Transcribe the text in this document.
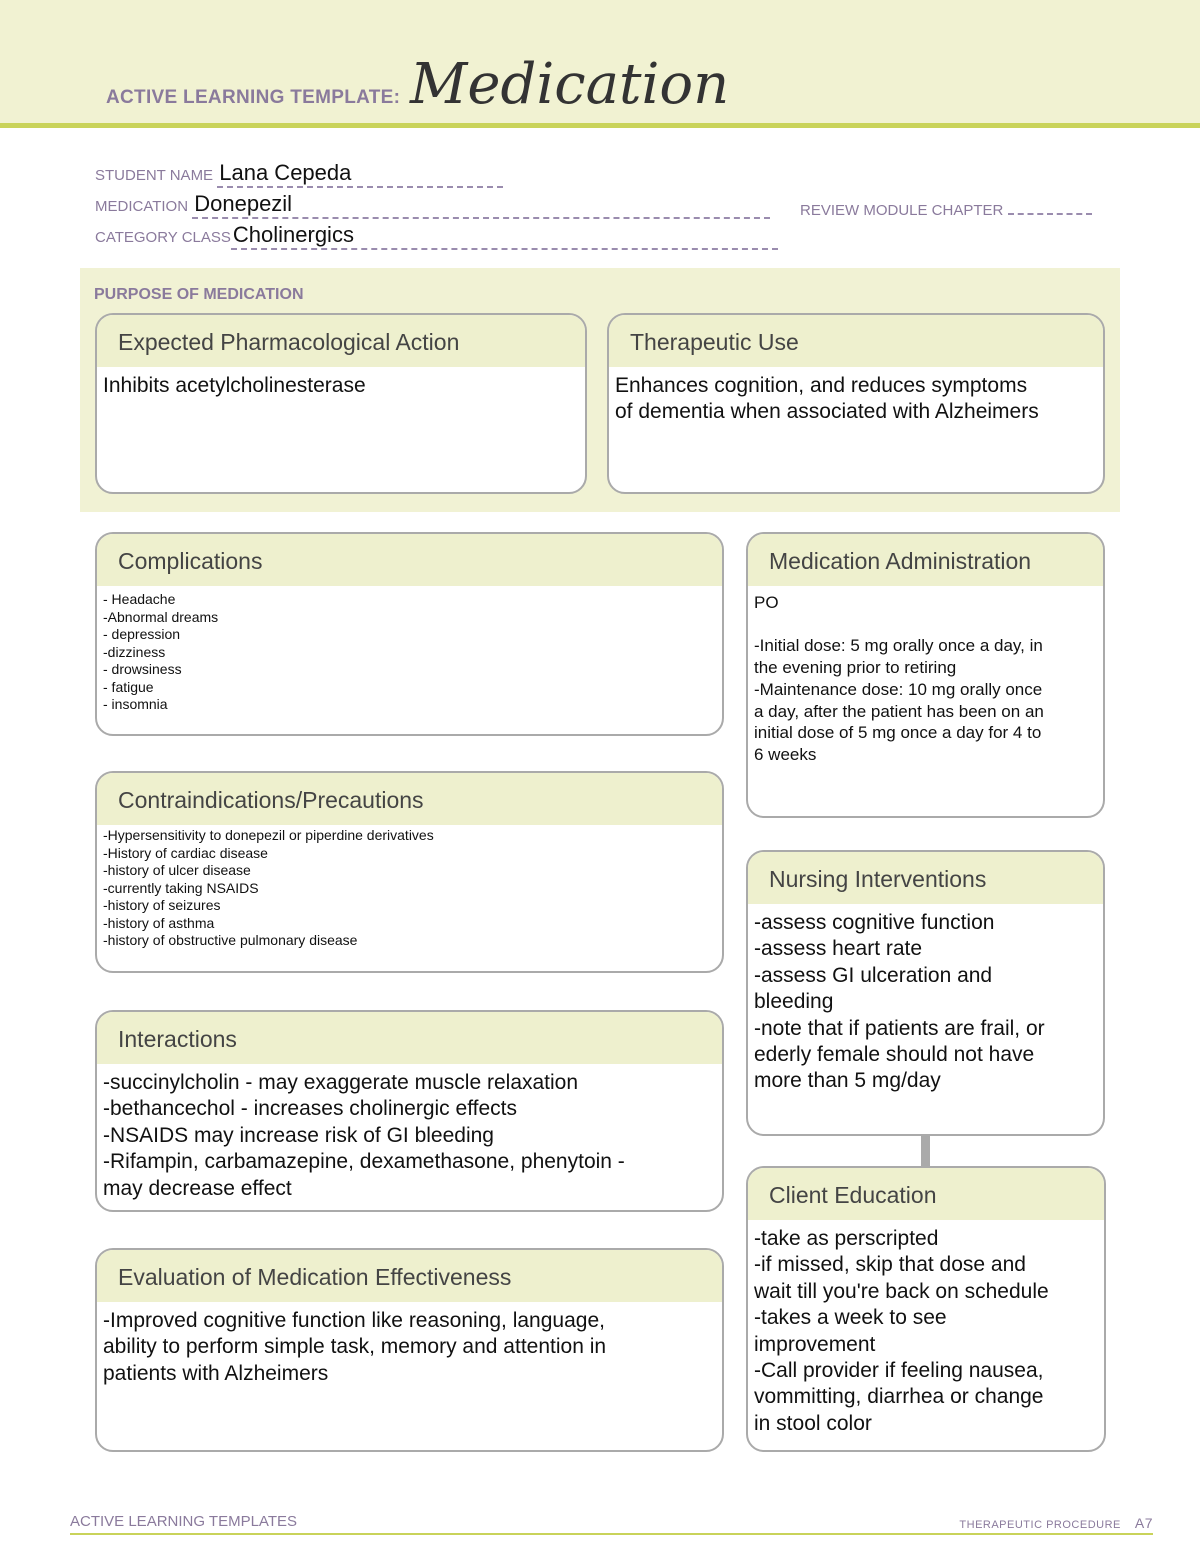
ACTIVE LEARNING TEMPLATE: Medication
STUDENT NAME Lana Cepeda
MEDICATION Donepezil	REVIEW MODULE CHAPTER
CATEGORY CLASSCholinergics
PURPOSE OF MEDICATION
Expected Pharmacological Action
Inhibits acetylcholinesterase
Therapeutic Use
Enhances cognition, and reduces symptoms
of dementia when associated with Alzheimers
Complications
- Headache
-Abnormal dreams
- depression
-dizziness
- drowsiness
- fatigue
- insomnia
Contraindications/Precautions
-Hypersensitivity to donepezil or piperdine derivatives
-History of cardiac disease
-history of ulcer disease
-currently taking NSAIDS
-history of seizures
-history of asthma
-history of obstructive pulmonary disease
Interactions
-succinylcholin - may exaggerate muscle relaxation
-bethancechol - increases cholinergic effects
-NSAIDS may increase risk of GI bleeding
-Rifampin, carbamazepine, dexamethasone, phenytoin -
may decrease effect
Evaluation of Medication Effectiveness
-Improved cognitive function like reasoning, language,
ability to perform simple task, memory and attention in
patients with Alzheimers
Medication Administration
PO

-Initial dose: 5 mg orally once a day, in
the evening prior to retiring
-Maintenance dose: 10 mg orally once
a day, after the patient has been on an
initial dose of 5 mg once a day for 4 to
6 weeks
Nursing Interventions
-assess cognitive function
-assess heart rate
-assess GI ulceration and
bleeding
-note that if patients are frail, or
ederly female should not have
more than 5 mg/day
Client Education
-take as perscripted
-if missed, skip that dose and
wait till you're back on schedule
-takes a week to see
improvement
-Call provider if feeling nausea,
vommitting, diarrhea or change
in stool color
ACTIVE LEARNING TEMPLATES	THERAPEUTIC PROCEDURE A7
